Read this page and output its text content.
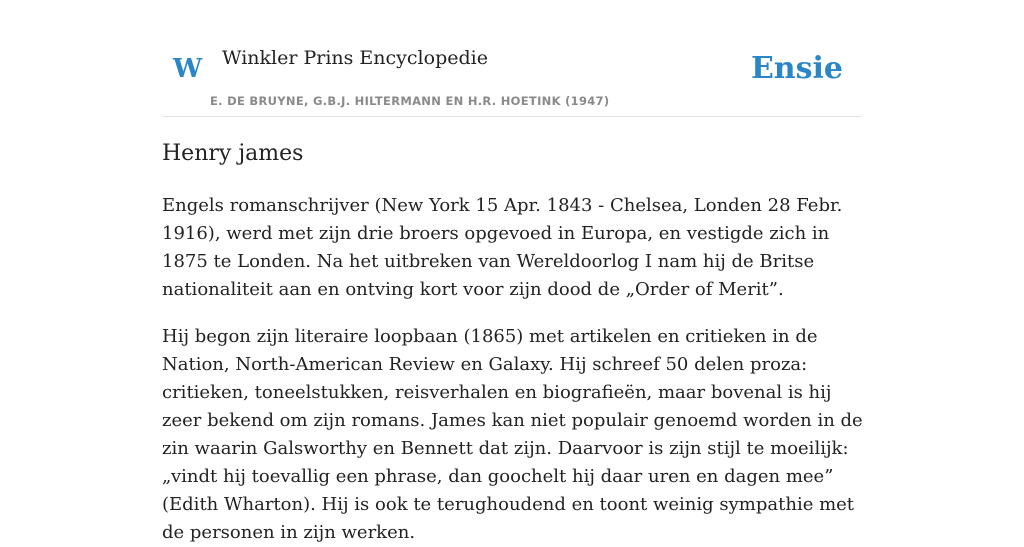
W Winkler Prins Encyclopedie
E. DE BRUYNE, G.B.J. HILTERMANN EN H.R. HOETINK (1947)
Ensie
Henry james

Engels romanschrijver (New York 15 Apr. 1843 - Chelsea, Londen 28 Febr. 1916), werd met zijn drie broers opgevoed in Europa, en vestigde zich in 1875 te Londen. Na het uitbreken van Wereldoorlog I nam hij de Britse nationaliteit aan en ontving kort voor zijn dood de „Order of Merit”.

Hij begon zijn literaire loopbaan (1865) met artikelen en critieken in de Nation, North-American Review en Galaxy. Hij schreef 50 delen proza: critieken, toneelstukken, reisverhalen en biografieën, maar bovenal is hij zeer bekend om zijn romans. James kan niet populair genoemd worden in de zin waarin Galsworthy en Bennett dat zijn. Daarvoor is zijn stijl te moeilijk: „vindt hij toevallig een phrase, dan goochelt hij daar uren en dagen mee” (Edith Wharton). Hij is ook te terughoudend en toont weinig sympathie met de personen in zijn werken.
